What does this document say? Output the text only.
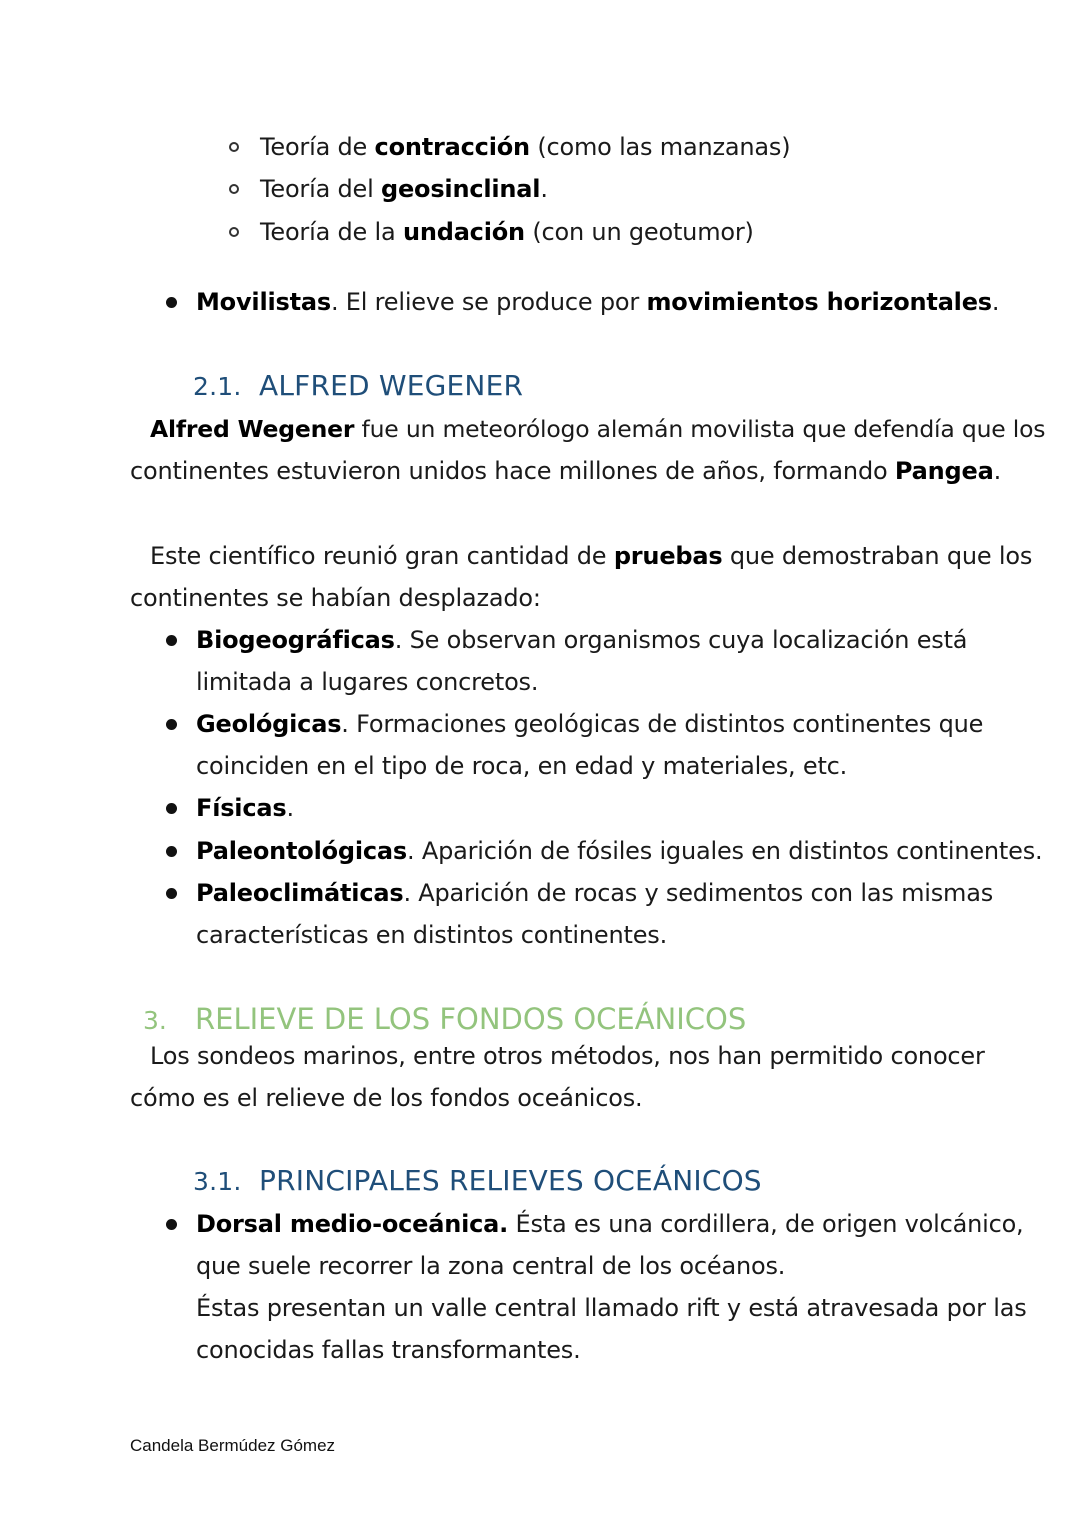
Teoría de contracción (como las manzanas)
Teoría del geosinclinal.
Teoría de la undación (con un geotumor)
Movilistas. El relieve se produce por movimientos horizontales.
2.1. ALFRED WEGENER
Alfred Wegener fue un meteorólogo alemán movilista que defendía que los
continentes estuvieron unidos hace millones de años, formando Pangea.
Este científico reunió gran cantidad de pruebas que demostraban que los
continentes se habían desplazado:
Biogeográficas. Se observan organismos cuya localización está
limitada a lugares concretos.
Geológicas. Formaciones geológicas de distintos continentes que
coinciden en el tipo de roca, en edad y materiales, etc.
Físicas.
Paleontológicas. Aparición de fósiles iguales en distintos continentes.
Paleoclimáticas. Aparición de rocas y sedimentos con las mismas
características en distintos continentes.
3. RELIEVE DE LOS FONDOS OCEÁNICOS
Los sondeos marinos, entre otros métodos, nos han permitido conocer
cómo es el relieve de los fondos oceánicos.
3.1. PRINCIPALES RELIEVES OCEÁNICOS
Dorsal medio-oceánica. Ésta es una cordillera, de origen volcánico,
que suele recorrer la zona central de los océanos.
Éstas presentan un valle central llamado rift y está atravesada por las
conocidas fallas transformantes.
Candela Bermúdez Gómez
